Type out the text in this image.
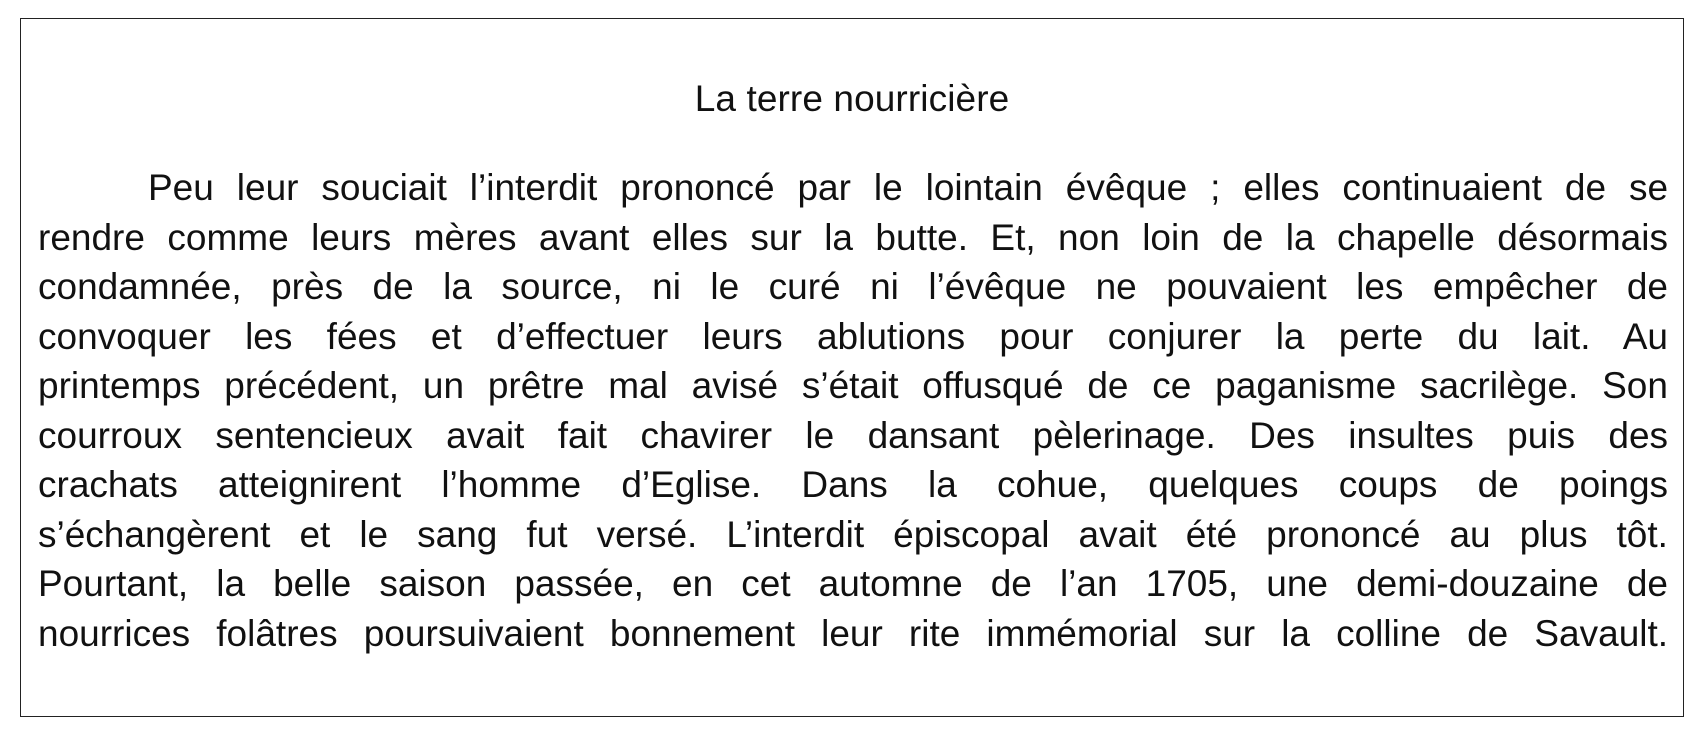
La terre nourricière
Peu leur souciait l’interdit prononcé par le lointain évêque ; elles continuaient de se
rendre comme leurs mères avant elles sur la butte. Et, non loin de la chapelle désormais
condamnée, près de la source, ni le curé ni l’évêque ne pouvaient les empêcher de
convoquer les fées et d’effectuer leurs ablutions pour conjurer la perte du lait. Au
printemps précédent, un prêtre mal avisé s’était offusqué de ce paganisme sacrilège. Son
courroux sentencieux avait fait chavirer le dansant pèlerinage. Des insultes puis des
crachats atteignirent l’homme d’Eglise. Dans la cohue, quelques coups de poings
s’échangèrent et le sang fut versé. L’interdit épiscopal avait été prononcé au plus tôt.
Pourtant, la belle saison passée, en cet automne de l’an 1705, une demi-douzaine de
nourrices folâtres poursuivaient bonnement leur rite immémorial sur la colline de Savault.
